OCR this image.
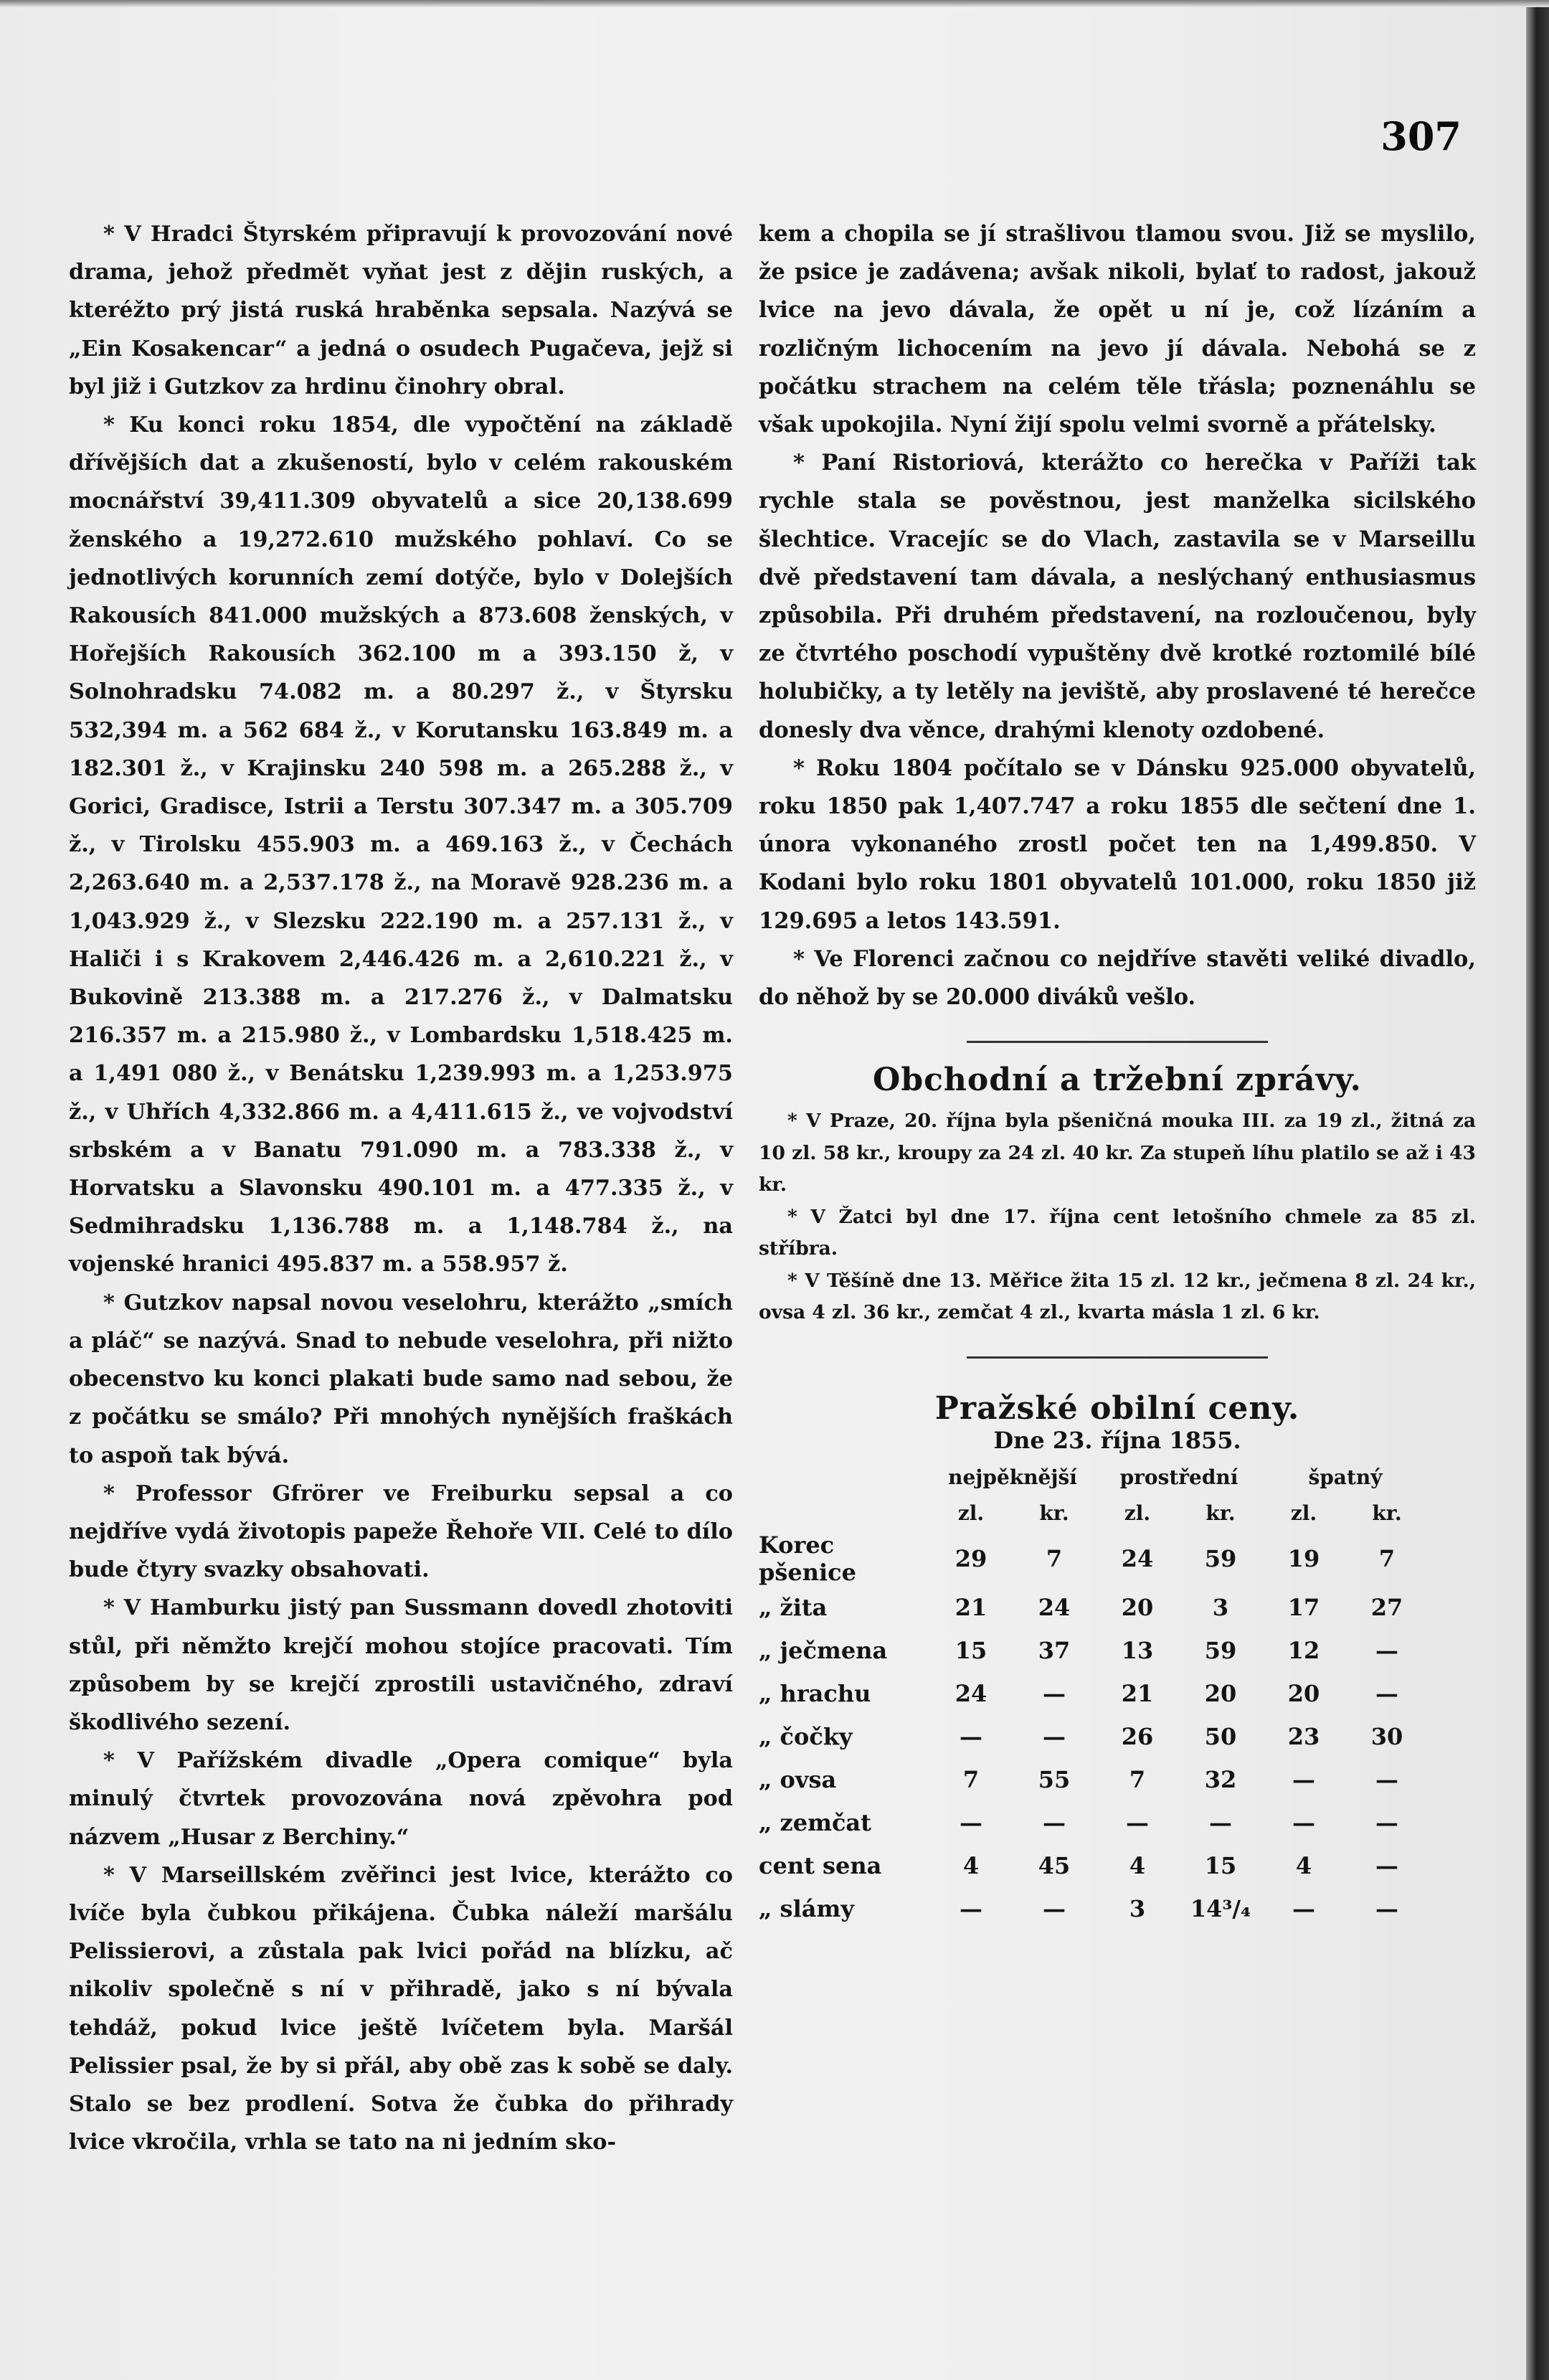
307

* V Hradci Štyrském připravují k provozování nové drama, jehož předmět vyňat jest z dějin ruských, a kteréžto prý jistá ruská hraběnka sepsala. Nazývá se „Ein Kosakencar“ a jedná o osudech Pugačeva, jejž si byl již i Gutzkov za hrdinu činohry obral.

* Ku konci roku 1854, dle vypočtění na základě dřívějších dat a zkušeností, bylo v celém rakouském mocnářství 39,411.309 obyvatelů a sice 20,138.699 ženského a 19,272.610 mužského pohlaví. Co se jednotlivých korunních zemí dotýče, bylo v Dolejších Rakousích 841.000 mužských a 873.608 ženských, v Hořejších Rakousích 362.100 m a 393.150 ž, v Solnohradsku 74.082 m. a 80.297 ž., v Štyrsku 532,394 m. a 562 684 ž., v Korutansku 163.849 m. a 182.301 ž., v Krajinsku 240 598 m. a 265.288 ž., v Gorici, Gradisce, Istrii a Terstu 307.347 m. a 305.709 ž., v Tirolsku 455.903 m. a 469.163 ž., v Čechách 2,263.640 m. a 2,537.178 ž., na Moravě 928.236 m. a 1,043.929 ž., v Slezsku 222.190 m. a 257.131 ž., v Haliči i s Krakovem 2,446.426 m. a 2,610.221 ž., v Bukovině 213.388 m. a 217.276 ž., v Dalmatsku 216.357 m. a 215.980 ž., v Lombardsku 1,518.425 m. a 1,491 080 ž., v Benátsku 1,239.993 m. a 1,253.975 ž., v Uhřích 4,332.866 m. a 4,411.615 ž., ve vojvodství srbském a v Banatu 791.090 m. a 783.338 ž., v Horvatsku a Slavonsku 490.101 m. a 477.335 ž., v Sedmihradsku 1,136.788 m. a 1,148.784 ž., na vojenské hranici 495.837 m. a 558.957 ž.

* Gutzkov napsal novou veselohru, kterážto „smích a pláč“ se nazývá. Snad to nebude veselohra, při nižto obecenstvo ku konci plakati bude samo nad sebou, že z počátku se smálo? Při mnohých nynějších fraškách to aspoň tak bývá.

* Professor Gfrörer ve Freiburku sepsal a co nejdříve vydá životopis papeže Řehoře VII. Celé to dílo bude čtyry svazky obsahovati.

* V Hamburku jistý pan Sussmann dovedl zhotoviti stůl, při němžto krejčí mohou stojíce pracovati. Tím způsobem by se krejčí zprostili ustavičného, zdraví škodlivého sezení.

* V Pařížském divadle „Opera comique“ byla minulý čtvrtek provozována nová zpěvohra pod názvem „Husar z Berchiny.“

* V Marseillském zvěřinci jest lvice, kterážto co lvíče byla čubkou přikájena. Čubka náleží maršálu Pelissierovi, a zůstala pak lvici pořád na blízku, ač nikoliv společně s ní v přihradě, jako s ní bývala tehdáž, pokud lvice ještě lvíčetem byla. Maršál Pelissier psal, že by si přál, aby obě zas k sobě se daly. Stalo se bez prodlení. Sotva že čubka do přihrady lvice vkročila, vrhla se tato na ni jedním sko-

kem a chopila se jí strašlivou tlamou svou. Již se myslilo, že psice je zadávena; avšak nikoli, bylať to radost, jakouž lvice na jevo dávala, že opět u ní je, což lízáním a rozličným lichocením na jevo jí dávala. Nebohá se z počátku strachem na celém těle třásla; poznenáhlu se však upokojila. Nyní žijí spolu velmi svorně a přátelsky.

* Paní Ristoriová, kterážto co herečka v Paříži tak rychle stala se pověstnou, jest manželka sicilského šlechtice. Vracejíc se do Vlach, zastavila se v Marseillu dvě představení tam dávala, a neslýchaný enthusiasmus způsobila. Při druhém představení, na rozloučenou, byly ze čtvrtého poschodí vypuštěny dvě krotké roztomilé bílé holubičky, a ty letěly na jeviště, aby proslavené té herečce donesly dva věnce, drahými klenoty ozdobené.

* Roku 1804 počítalo se v Dánsku 925.000 obyvatelů, roku 1850 pak 1,407.747 a roku 1855 dle sečtení dne 1. února vykonaného zrostl počet ten na 1,499.850. V Kodani bylo roku 1801 obyvatelů 101.000, roku 1850 již 129.695 a letos 143.591.

* Ve Florenci začnou co nejdříve stavěti veliké divadlo, do něhož by se 20.000 diváků vešlo.

Obchodní a tržební zprávy.

* V Praze, 20. října byla pšeničná mouka III. za 19 zl., žitná za 10 zl. 58 kr., kroupy za 24 zl. 40 kr. Za stupeň líhu platilo se až i 43 kr.

* V Žatci byl dne 17. října cent letošního chmele za 85 zl. stříbra.

* V Těšíně dne 13. Měřice žita 15 zl. 12 kr., ječmena 8 zl. 24 kr., ovsa 4 zl. 36 kr., zemčat 4 zl., kvarta másla 1 zl. 6 kr.

Pražské obilní ceny.

Dne 23. října 1855.

	nejpěknější		prostřední		špatný	
	zl.	kr.	zl.	kr.	zl.	kr.
Korec pšenice	29	7	24	59	19	7
„ žita	21	24	20	3	17	27
„ ječmena	15	37	13	59	12	—
„ hrachu	24	—	21	20	20	—
„ čočky	—	—	26	50	23	30
„ ovsa	7	55	7	32	—	—
„ zemčat	—	—	—	—	—	—
cent sena	4	45	4	15	4	—
„ slámy	—	—	3	14³/₄	—	—
